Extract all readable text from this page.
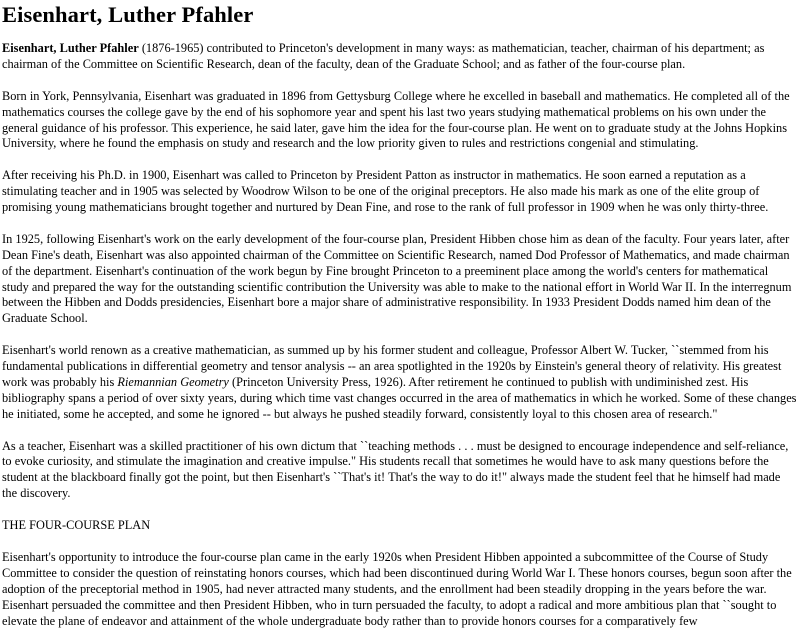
Eisenhart, Luther Pfahler

Eisenhart, Luther Pfahler (1876-1965) contributed to Princeton's development in many ways: as mathematician, teacher, chairman of his department; as chairman of the Committee on Scientific Research, dean of the faculty, dean of the Graduate School; and as father of the four-course plan.

Born in York, Pennsylvania, Eisenhart was graduated in 1896 from Gettysburg College where he excelled in baseball and mathematics. He completed all of the mathematics courses the college gave by the end of his sophomore year and spent his last two years studying mathematical problems on his own under the general guidance of his professor. This experience, he said later, gave him the idea for the four-course plan. He went on to graduate study at the Johns Hopkins University, where he found the emphasis on study and research and the low priority given to rules and restrictions congenial and stimulating.

After receiving his Ph.D. in 1900, Eisenhart was called to Princeton by President Patton as instructor in mathematics. He soon earned a reputation as a stimulating teacher and in 1905 was selected by Woodrow Wilson to be one of the original preceptors. He also made his mark as one of the elite group of promising young mathematicians brought together and nurtured by Dean Fine, and rose to the rank of full professor in 1909 when he was only thirty-three.

In 1925, following Eisenhart's work on the early development of the four-course plan, President Hibben chose him as dean of the faculty. Four years later, after Dean Fine's death, Eisenhart was also appointed chairman of the Committee on Scientific Research, named Dod Professor of Mathematics, and made chairman of the department. Eisenhart's continuation of the work begun by Fine brought Princeton to a preeminent place among the world's centers for mathematical study and prepared the way for the outstanding scientific contribution the University was able to make to the national effort in World War II. In the interregnum between the Hibben and Dodds presidencies, Eisenhart bore a major share of administrative responsibility. In 1933 President Dodds named him dean of the Graduate School.

Eisenhart's world renown as a creative mathematician, as summed up by his former student and colleague, Professor Albert W. Tucker, ``stemmed from his fundamental publications in differential geometry and tensor analysis -- an area spotlighted in the 1920s by Einstein's general theory of relativity. His greatest work was probably his Riemannian Geometry (Princeton University Press, 1926). After retirement he continued to publish with undiminished zest. His bibliography spans a period of over sixty years, during which time vast changes occurred in the area of mathematics in which he worked. Some of these changes he initiated, some he accepted, and some he ignored -- but always he pushed steadily forward, consistently loyal to this chosen area of research."

As a teacher, Eisenhart was a skilled practitioner of his own dictum that ``teaching methods . . . must be designed to encourage independence and self-reliance, to evoke curiosity, and stimulate the imagination and creative impulse." His students recall that sometimes he would have to ask many questions before the student at the blackboard finally got the point, but then Eisenhart's ``That's it! That's the way to do it!" always made the student feel that he himself had made the discovery.

THE FOUR-COURSE PLAN

Eisenhart's opportunity to introduce the four-course plan came in the early 1920s when President Hibben appointed a subcommittee of the Course of Study Committee to consider the question of reinstating honors courses, which had been discontinued during World War I. These honors courses, begun soon after the adoption of the preceptorial method in 1905, had never attracted many students, and the enrollment had been steadily dropping in the years before the war. Eisenhart persuaded the committee and then President Hibben, who in turn persuaded the faculty, to adopt a radical and more ambitious plan that ``sought to elevate the plane of endeavor and attainment of the whole undergraduate body rather than to provide honors courses for a comparatively few
